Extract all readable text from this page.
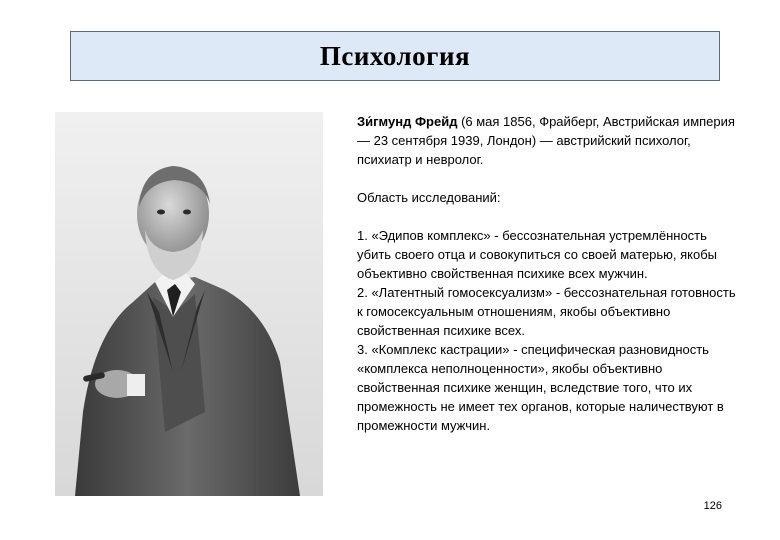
Психология

Зи́гмунд Фрейд (6 мая 1856, Фрайберг, Австрийская империя — 23 сентября 1939, Лондон) — австрийский психолог, психиатр и невролог.

Область исследований:

1. «Эдипов комплекс» - бессознательная устремлённость убить своего отца и совокупиться со своей матерью, якобы объективно свойственная психике всех мужчин.

2. «Латентный гомосексуализм» - бессознательная готовность к гомосексуальным отношениям, якобы объективно свойственная психике всех.

3. «Комплекс кастрации» - специфическая разновидность «комплекса неполноценности», якобы объективно свойственная психике женщин, вследствие того, что их промежность не имеет тех органов, которые наличествуют в промежности мужчин.

126
